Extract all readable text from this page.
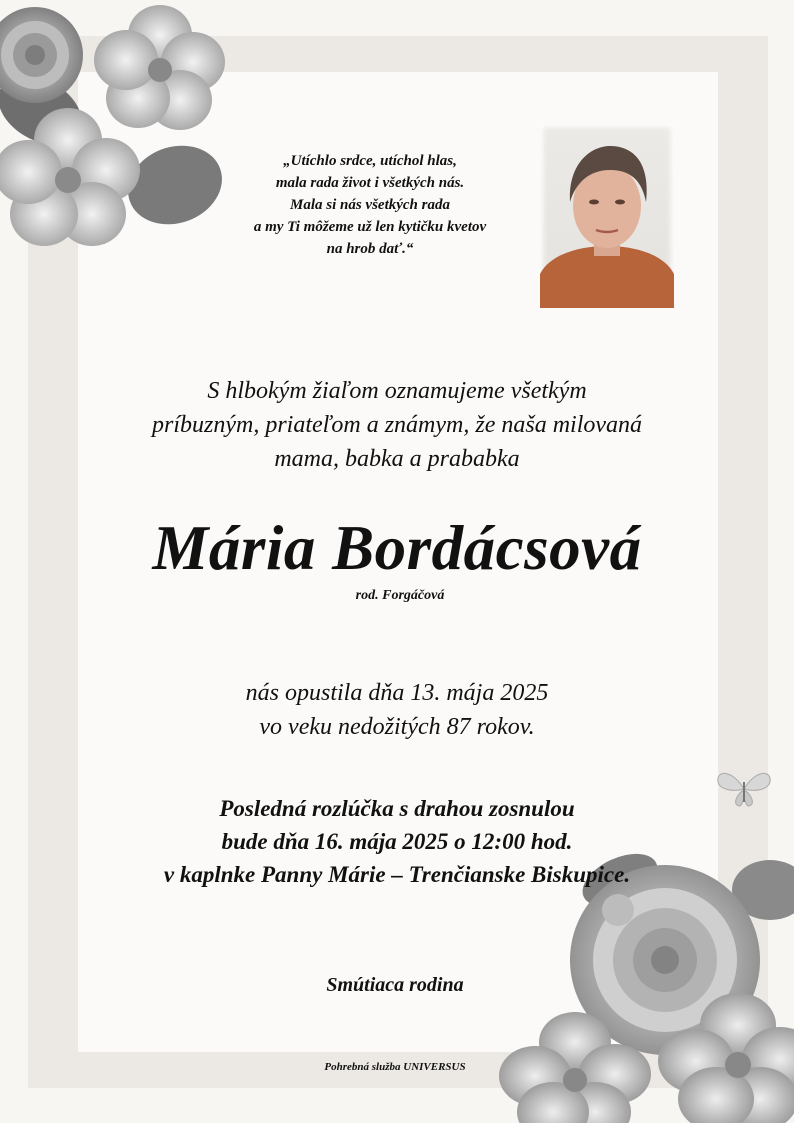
„Utíchlo srdce, utíchol hlas,
mala rada život i všetkých nás.
Mala si nás všetkých rada
a my Ti môžeme už len kytičku kvetov
na hrob dať.“
S hlbokým žiaľom oznamujeme všetkým
príbuzným, priateľom a známym, že naša milovaná
mama, babka a prababka
Mária Bordácsová
rod. Forgáčová
nás opustila dňa 13. mája 2025
vo veku nedožitých 87 rokov.
Posledná rozlúčka s drahou zosnulou
bude dňa 16. mája 2025 o 12:00 hod.
v kaplnke Panny Márie – Trenčianske Biskupice.
Smútiaca rodina
Pohrebná služba UNIVERSUS
